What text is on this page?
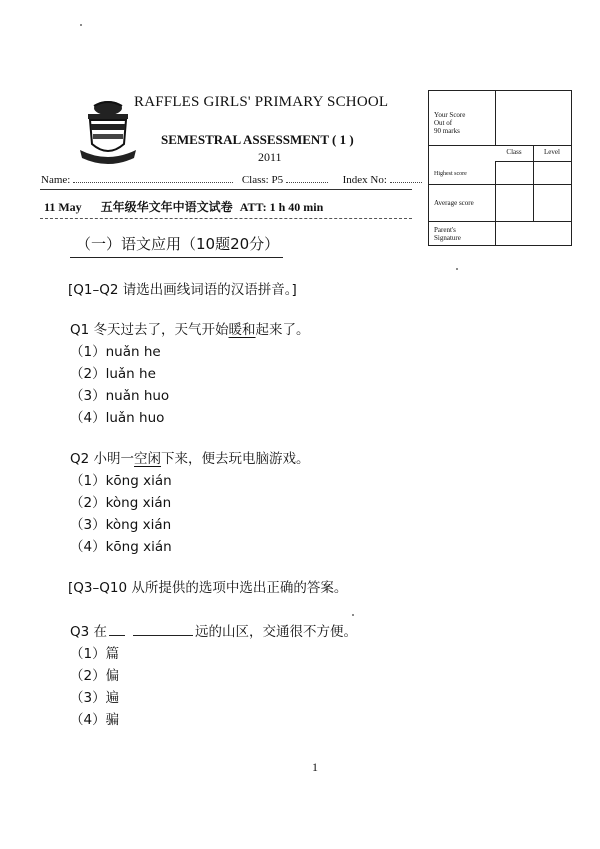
RAFFLES GIRLS' PRIMARY SCHOOL
SEMESTRAL ASSESSMENT ( 1 )
2011
Name:	Class: P5	Index No:
11 May 五年级华文年中语文试卷 ATT: 1 h 40 min
Your Score
Out of
90 marks
Class	Level
Highest score
Average score
Parent's
Signature
（一）语文应用（10题20分）
[Q1–Q2 请选出画线词语的汉语拼音。]
Q1 冬天过去了，天气开始暖和起来了。
（1）nuǎn he
（2）luǎn he
（3）nuǎn huo
（4）luǎn huo
Q2 小明一空闲下来，便去玩电脑游戏。
（1）kōng xián
（2）kòng xián
（3）kòng xián
（4）kōng xián
[Q3–Q10 从所提供的选项中选出正确的答案。
Q3 在	远的山区，交通很不方便。
（1）篇
（2）偏
（3）遍
（4）骗
1
